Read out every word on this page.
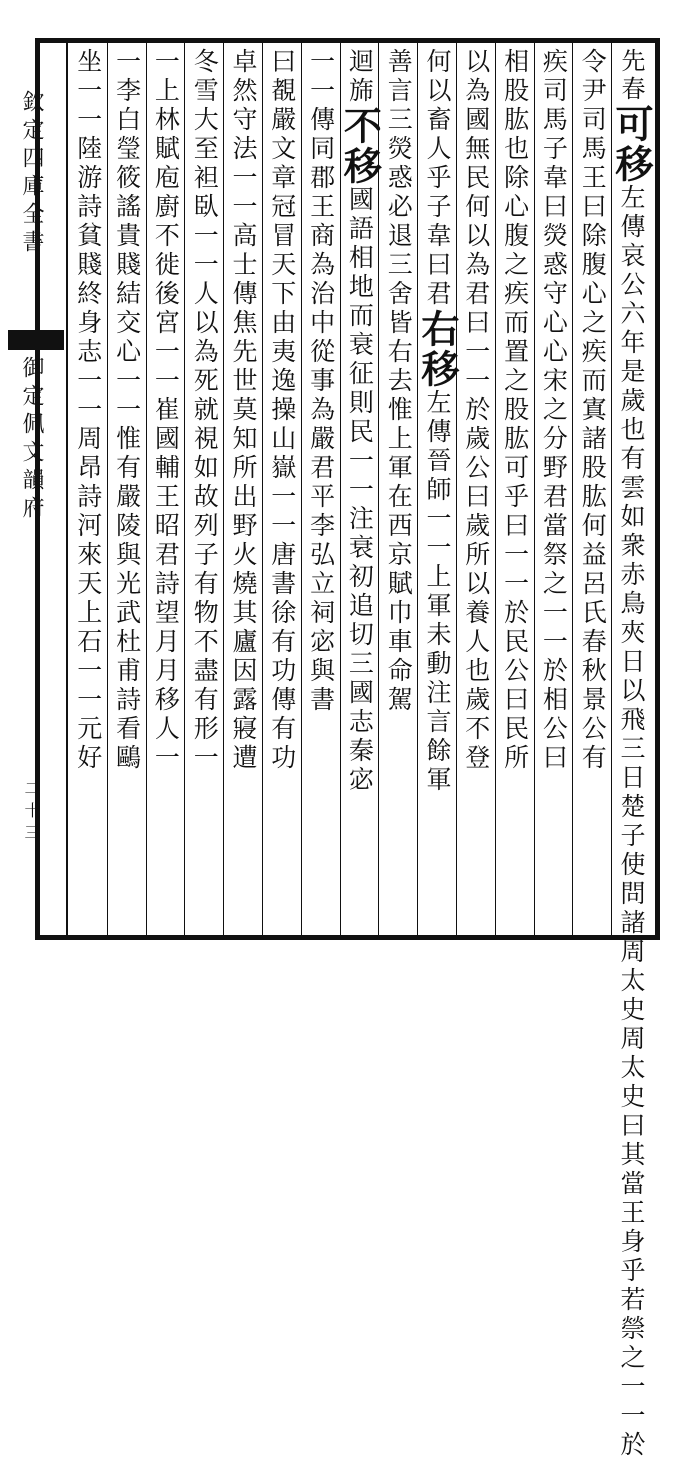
欽定四庫全書
御定佩文韻府
二十三
先春可移左傳哀公六年是歲也有雲如衆赤鳥夾日以飛三日楚子使問諸周太史周太史曰其當王身乎若禜之一一於
令尹司馬王曰除腹心之疾而寘諸股肱何益呂氏春秋景公有
疾司馬子韋曰熒惑守心心宋之分野君當祭之一一於相公曰
相股肱也除心腹之疾而置之股肱可乎曰一一於民公曰民所
以為國無民何以為君曰一一於歲公曰歲所以養人也歲不登
何以畜人乎子韋曰君右移左傳晉師一一上軍未動注言餘軍
善言三熒惑必退三舍皆右去惟上軍在西京賦巾車命駕
迴旆不移國語相地而衰征則民一一注衰初追切三國志秦宓
一一傳同郡王商為治中從事為嚴君平李弘立祠宓與書
曰覩嚴文章冠冒天下由夷逸操山嶽一一唐書徐有功傳有功
卓然守法一一高士傳焦先世莫知所出野火燒其廬因露寢遭
冬雪大至袒臥一一人以為死就視如故列子有物不盡有形一
一上林賦庖廚不徙後宮一一崔國輔王昭君詩望月月移人一
一李白瑩筱謠貴賤結交心一一惟有嚴陵與光武杜甫詩看鷗
坐一一陸游詩貧賤終身志一一周昂詩河來天上石一一元好
